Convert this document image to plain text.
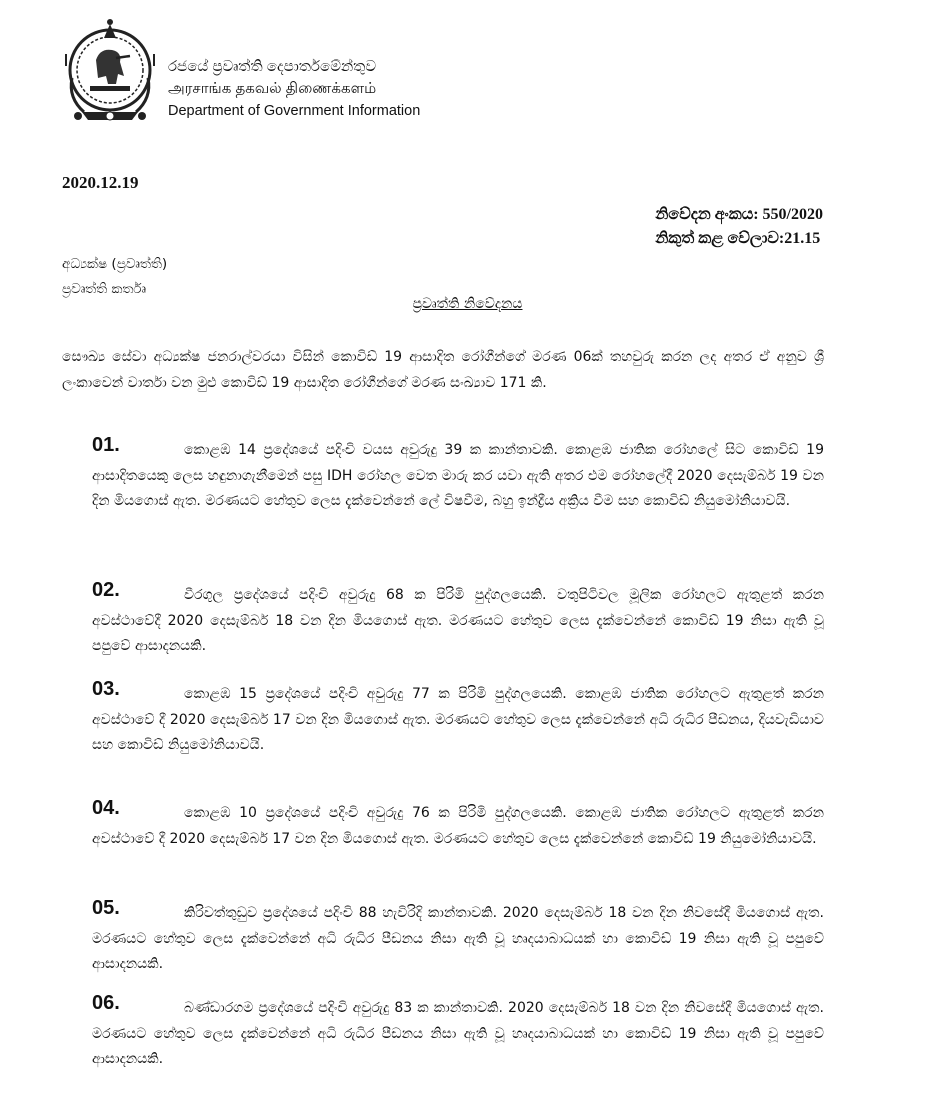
රජයේ ප්‍රවෘත්ති දෙපාර්තමේන්තුව
அரசாங்க தகவல் திணைக்களம்
Department of Government Information
2020.12.19
නිවේදන අංකය: 550/2020
නිකුත් කළ වේලාව:21.15
අධ්‍යක්ෂ (ප්‍රවෘත්ති)
ප්‍රවෘත්ති කර්තෘ
ප්‍රවෘත්ති නිවේදනය

සෞඛ්‍ය සේවා අධ්‍යක්ෂ ජනරාල්වරයා විසින් කොවිඩ් 19 ආසාදිත රෝගීන්ගේ මරණ 06ක් තහවුරු කරන ලද අතර ඒ අනුව ශ්‍රී ලංකාවෙන් වාර්තා වන මුළු කොවිඩ් 19 ආසාදිත රෝගීන්ගේ මරණ සංඛ්‍යාව 171 කි.

01.	කොළඹ 14 ප්‍රදේශයේ පදිංචි වයස අවුරුදු 39 ක කාන්තාවකි. කොළඹ ජාතික රෝහලේ සිට කොවිඩ් 19 ආසාදිතයෙකු ලෙස හඳුනාගැනීමෙන් පසු IDH රෝහල වෙත මාරු කර යවා ඇති අතර එම රෝහලේදී 2020 දෙසැම්බර් 19 වන දින මියගොස් ඇත. මරණයට හේතුව ලෙස දැක්වෙන්නේ ලේ විෂවීම, බහු ඉන්ද්‍රීය අක්‍රිය වීම සහ කොවිඩ් නියුමෝනියාවයි.
02.	වීරගුල ප්‍රදේශයේ පදිංචි අවුරුදු 68 ක පිරිමි පුද්ගලයෙකි. වතුපිටිවල මූලික රෝහලට ඇතුළත් කරන අවස්ථාවේදී 2020 දෙසැම්බර් 18 වන දින මියගොස් ඇත. මරණයට හේතුව ලෙස දැක්වෙන්නේ කොවිඩ් 19 නිසා ඇති වූ පපුවේ ආසාදනයකි.
03.	කොළඹ 15 ප්‍රදේශයේ පදිංචි අවුරුදු 77 ක පිරිමි පුද්ගලයෙකි. කොළඹ ජාතික රෝහලට ඇතුළත් කරන අවස්ථාවේ දී 2020 දෙසැම්බර් 17 වන දින මියගොස් ඇත. මරණයට හේතුව ලෙස දැක්වෙන්නේ අධි රුධිර පීඩනය, දියවැඩියාව සහ කොවිඩ් නියුමෝනියාවයි.
04.	කොළඹ 10 ප්‍රදේශයේ පදිංචි අවුරුදු 76 ක පිරිමි පුද්ගලයෙකි. කොළඹ ජාතික රෝහලට ඇතුළත් කරන අවස්ථාවේ දී 2020 දෙසැම්බර් 17 වන දින මියගොස් ඇත. මරණයට හේතුව ලෙස දැක්වෙන්නේ කොවිඩ් 19 නියුමෝනියාවයි.
05.	කිරිවත්තුඩුව ප්‍රදේශයේ පදිංචි 88 හැවිරිදි කාන්තාවකි. 2020 දෙසැම්බර් 18 වන දින නිවසේදී මියගොස් ඇත. මරණයට හේතුව ලෙස දැක්වෙන්නේ අධි රුධිර පීඩනය නිසා ඇති වූ හෘදයාබාධයක් හා කොවිඩ් 19 නිසා ඇති වූ පපුවේ ආසාදනයකි.
06.	බණ්ඩාරගම ප්‍රදේශයේ පදිංචි අවුරුදු 83 ක කාන්තාවකි. 2020 දෙසැම්බර් 18 වන දින නිවසේදී මියගොස් ඇත. මරණයට හේතුව ලෙස දැක්වෙන්නේ අධි රුධිර පීඩනය නිසා ඇති වූ හෘදයාබාධයක් හා කොවිඩ් 19 නිසා ඇති වූ පපුවේ ආසාදනයකි.
